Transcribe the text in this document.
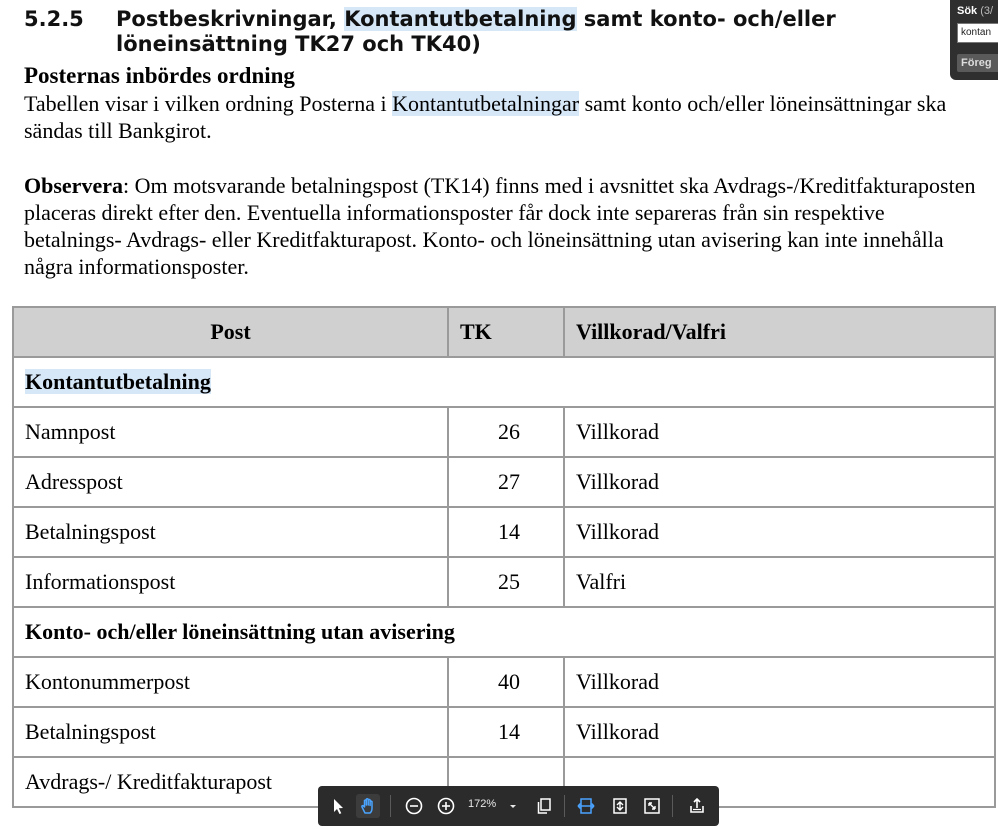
5.2.5 Postbeskrivningar, Kontantutbetalning samt konto- och/eller löneinsättning TK27 och TK40)
Posternas inbördes ordning
Tabellen visar i vilken ordning Posterna i Kontantutbetalningar samt konto och/eller löneinsättningar ska sändas till Bankgirot.
Observera: Om motsvarande betalningspost (TK14) finns med i avsnittet ska Avdrags-/Kreditfakturaposten placeras direkt efter den. Eventuella informationsposter får dock inte separeras från sin respektive betalnings- Avdrags- eller Kreditfakturapost. Konto- och löneinsättning utan avisering kan inte innehålla några informationsposter.
Post	TK	Villkorad/Valfri
Kontantutbetalning		
Namnpost	26	Villkorad
Adresspost	27	Villkorad
Betalningspost	14	Villkorad
Informationspost	25	Valfri
Konto- och/eller löneinsättning utan avisering		
Kontonummerpost	40	Villkorad
Betalningspost	14	Villkorad
Avdrags-/ Kreditfakturapost		
Sök (3/
kontan
Föreg
172%
